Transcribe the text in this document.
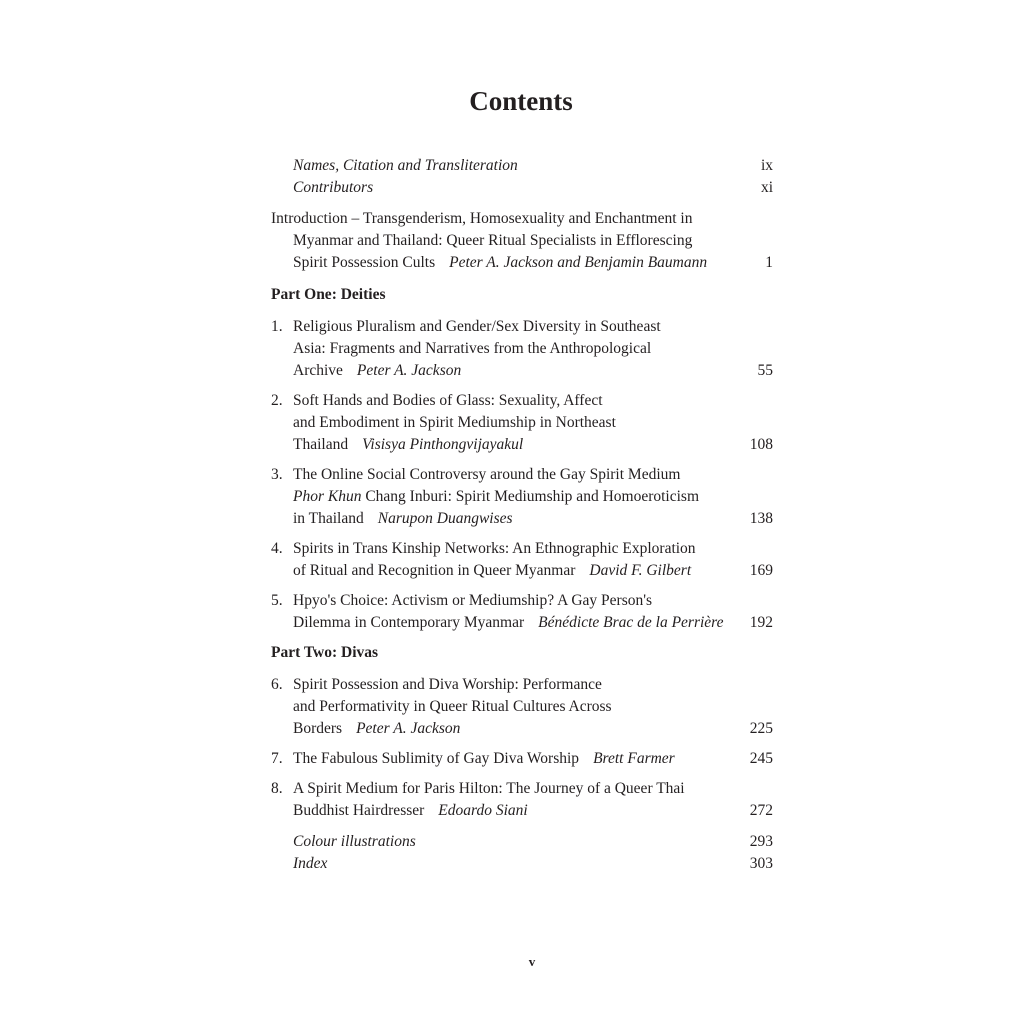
Contents
Names, Citation and Transliteration	ix
Contributors	xi
Introduction – Transgenderism, Homosexuality and Enchantment in
Myanmar and Thailand: Queer Ritual Specialists in Efflorescing
Spirit Possession Cults Peter A. Jackson and Benjamin Baumann	1
Part One: Deities
1. Religious Pluralism and Gender/Sex Diversity in Southeast
Asia: Fragments and Narratives from the Anthropological
Archive Peter A. Jackson	55
2. Soft Hands and Bodies of Glass: Sexuality, Affect
and Embodiment in Spirit Mediumship in Northeast
Thailand Visisya Pinthongvijayakul	108
3. The Online Social Controversy around the Gay Spirit Medium
Phor Khun Chang Inburi: Spirit Mediumship and Homoeroticism
in Thailand Narupon Duangwises	138
4. Spirits in Trans Kinship Networks: An Ethnographic Exploration
of Ritual and Recognition in Queer Myanmar David F. Gilbert	169
5. Hpyo's Choice: Activism or Mediumship? A Gay Person's
Dilemma in Contemporary Myanmar Bénédicte Brac de la Perrière	192
Part Two: Divas
6. Spirit Possession and Diva Worship: Performance
and Performativity in Queer Ritual Cultures Across
Borders Peter A. Jackson	225
7. The Fabulous Sublimity of Gay Diva Worship Brett Farmer	245
8. A Spirit Medium for Paris Hilton: The Journey of a Queer Thai
Buddhist Hairdresser Edoardo Siani	272
Colour illustrations	293
Index	303
v
